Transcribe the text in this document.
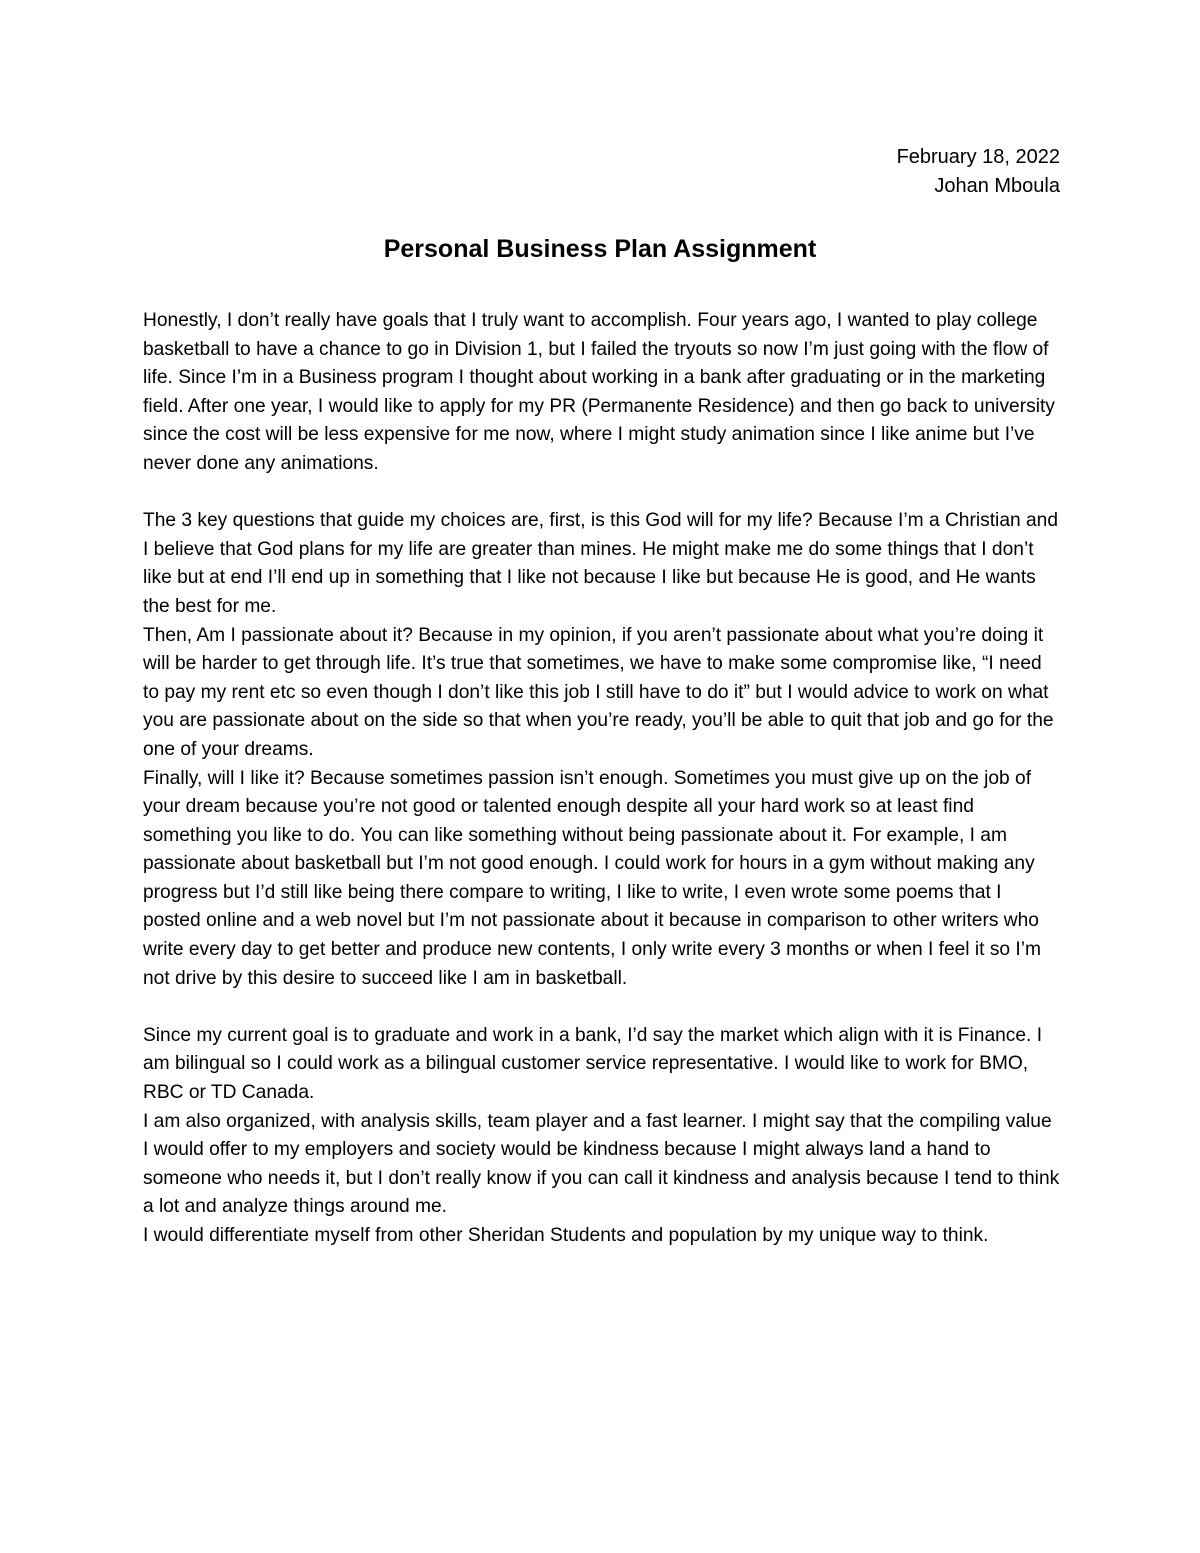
February 18, 2022
Johan Mboula
Personal Business Plan Assignment

Honestly, I don’t really have goals that I truly want to accomplish. Four years ago, I wanted to play college basketball to have a chance to go in Division 1, but I failed the tryouts so now I’m just going with the flow of life. Since I’m in a Business program I thought about working in a bank after graduating or in the marketing field. After one year, I would like to apply for my PR (Permanente Residence) and then go back to university since the cost will be less expensive for me now, where I might study animation since I like anime but I’ve never done any animations.

The 3 key questions that guide my choices are, first, is this God will for my life? Because I’m a Christian and I believe that God plans for my life are greater than mines. He might make me do some things that I don’t like but at end I’ll end up in something that I like not because I like but because He is good, and He wants the best for me.

Then, Am I passionate about it? Because in my opinion, if you aren’t passionate about what you’re doing it will be harder to get through life. It’s true that sometimes, we have to make some compromise like, “I need to pay my rent etc so even though I don’t like this job I still have to do it” but I would advice to work on what you are passionate about on the side so that when you’re ready, you’ll be able to quit that job and go for the one of your dreams.

Finally, will I like it? Because sometimes passion isn’t enough. Sometimes you must give up on the job of your dream because you’re not good or talented enough despite all your hard work so at least find something you like to do. You can like something without being passionate about it. For example, I am passionate about basketball but I’m not good enough. I could work for hours in a gym without making any progress but I’d still like being there compare to writing, I like to write, I even wrote some poems that I posted online and a web novel but I’m not passionate about it because in comparison to other writers who write every day to get better and produce new contents, I only write every 3 months or when I feel it so I’m not drive by this desire to succeed like I am in basketball.

Since my current goal is to graduate and work in a bank, I’d say the market which align with it is Finance. I am bilingual so I could work as a bilingual customer service representative. I would like to work for BMO, RBC or TD Canada.

I am also organized, with analysis skills, team player and a fast learner. I might say that the compiling value I would offer to my employers and society would be kindness because I might always land a hand to someone who needs it, but I don’t really know if you can call it kindness and analysis because I tend to think a lot and analyze things around me.

I would differentiate myself from other Sheridan Students and population by my unique way to think.
